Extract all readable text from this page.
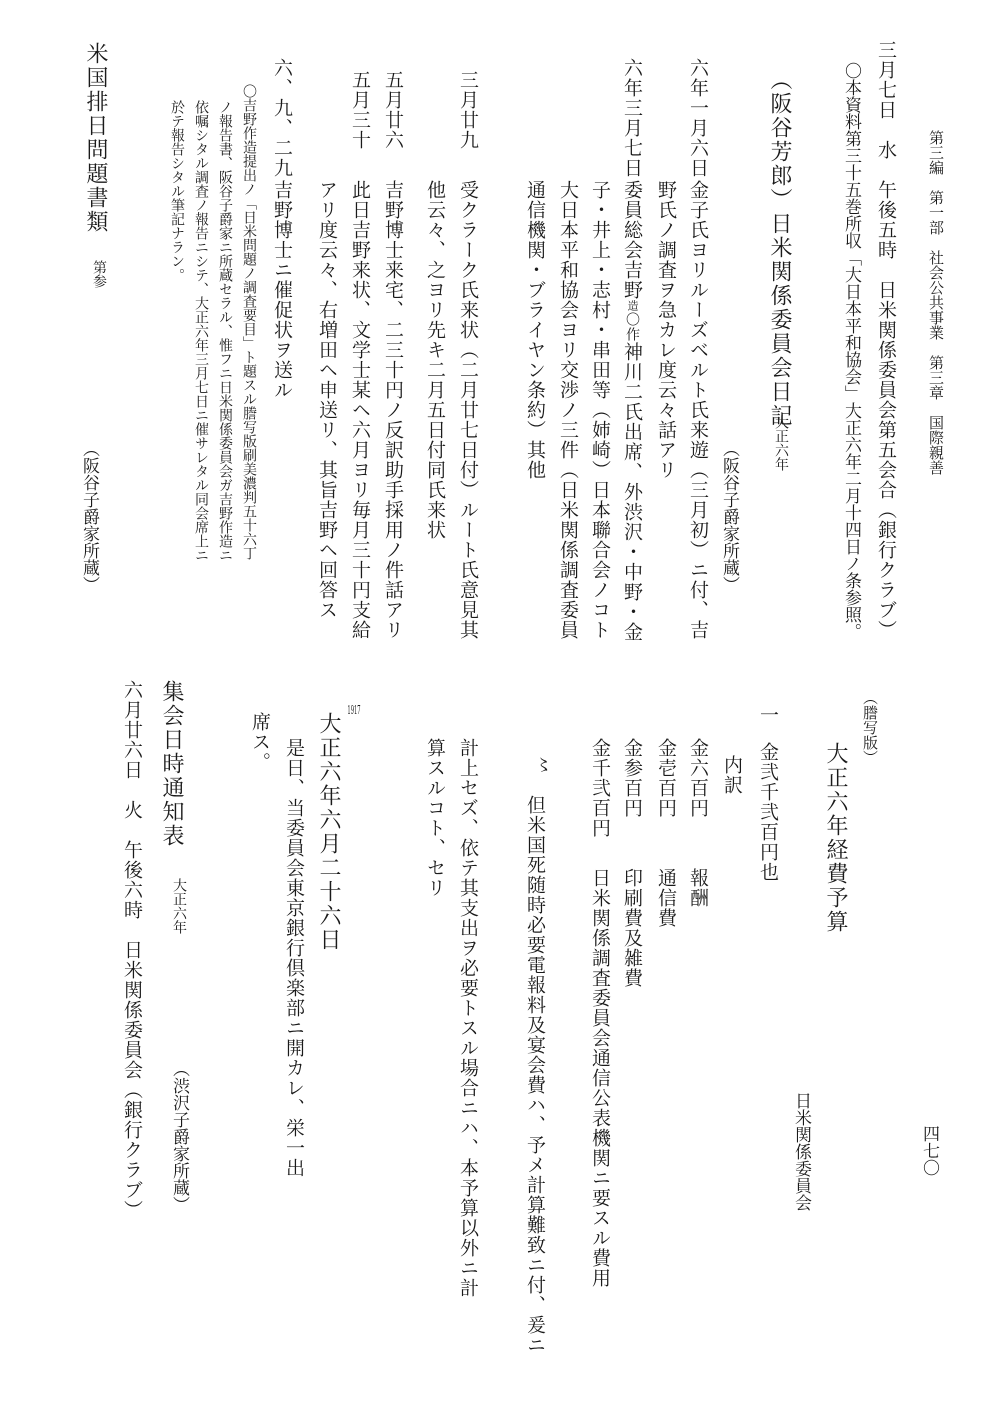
第三編　第一部　社会公共事業　第三章　国際親善
四七〇
三月七日　水　午後五時　日米関係委員会第五会合（銀行クラブ）
〇本資料第三十五巻所収「大日本平和協会」大正六年二月十四日ノ条参照。
（阪谷芳郎）日米関係委員会日記
大正六年
（阪谷子爵家所蔵）
六年一月六日
金子氏ヨリルーズベルト氏来遊（三月初）ニ付、吉
野氏ノ調査ヲ急カレ度云々話アリ
六年三月七日
委員総会吉野造〇作神川二氏出席、外渋沢・中野・金
子・井上・志村・串田等（姉崎）日本聯合会ノコト
大日本平和協会ヨリ交渉ノ三件（日米関係調査委員
通信機関・ブライヤン条約）其他
三月廿九
受クラーク氏来状（二月廿七日付）ルート氏意見其
他云々、之ヨリ先キ二月五日付同氏来状
五月廿六
吉野博士来宅、二三十円ノ反訳助手採用ノ件話アリ
五月三十
此日吉野来状、文学士某ヘ六月ヨリ毎月三十円支給
アリ度云々、右増田ヘ申送リ、其旨吉野ヘ回答ス
六、九、二九
吉野博士ニ催促状ヲ送ル
〇吉野作造提出ノ「日米問題ノ調査要目」ト題スル謄写版刷美濃判五十六丁
ノ報告書、阪谷子爵家ニ所蔵セラル、惟フニ日米関係委員会ガ吉野作造ニ
依嘱シタル調査ノ報告ニシテ、大正六年三月七日ニ催サレタル同会席上ニ
於テ報告シタル筆記ナラン。
米国排日問題書類
第参
（阪谷子爵家所蔵）
（謄写版）
大正六年経費予算
日米関係委員会
一
金弐千弐百円也
内訳
金六百円
報酬
金壱百円
通信費
金参百円
印刷費及雑費
金千弐百円
日米関係調査委員会通信公表機関ニ要スル費用
〻
但米国死随時必要電報料及宴会費ハ、予メ計算難致ニ付、爰ニ
計上セズ、依テ其支出ヲ必要トスル場合ニハ、本予算以外ニ計
算スルコト、セリ
1917
大正六年六月二十六日
是日、当委員会東京銀行倶楽部ニ開カレ、栄一出
席ス。
集会日時通知表
大正六年
（渋沢子爵家所蔵）
六月廿六日　火　午後六時　日米関係委員会（銀行クラブ）
